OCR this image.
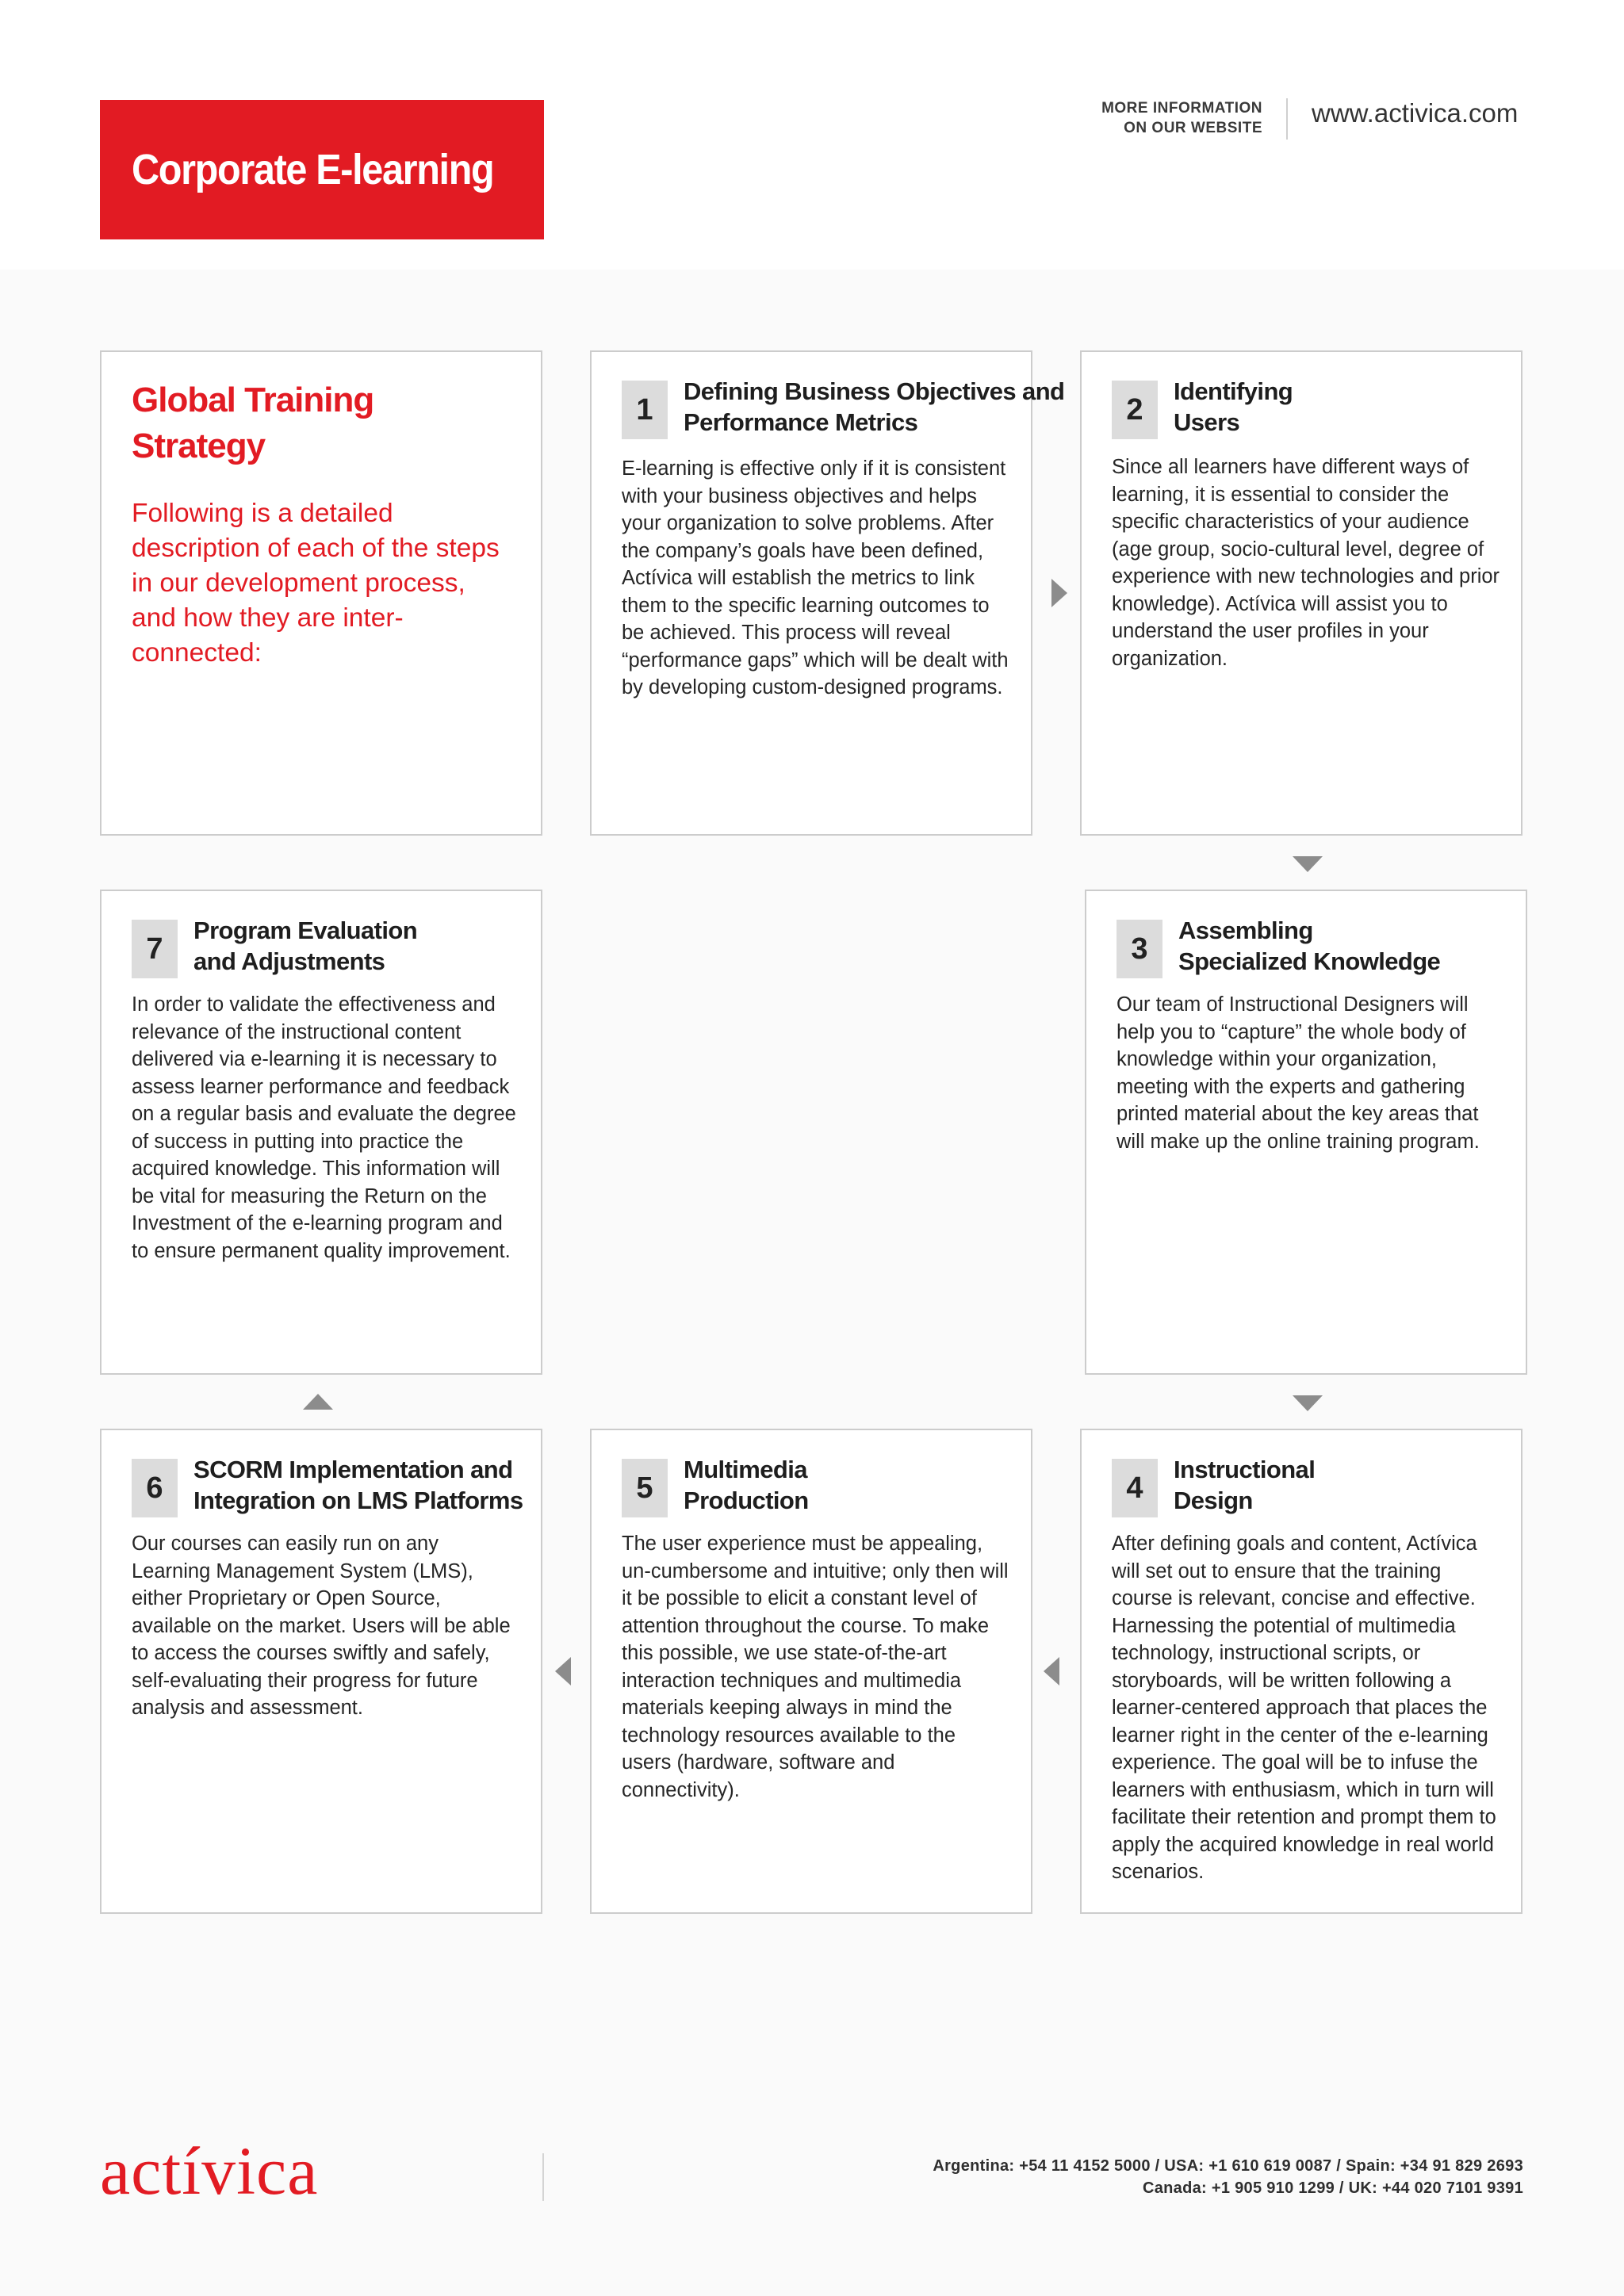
Corporate E-learning
MORE INFORMATION
ON OUR WEBSITE
www.activica.com
Global Training
Strategy
Following is a detailed
description of each of the steps
in our development process,
and how they are inter-
connected:
1
Defining Business Objectives and
Performance Metrics
E-learning is effective only if it is consistent with your business objectives and helps your organization to solve problems. After the company’s goals have been defined, Actívica will establish the metrics to link them to the specific learning outcomes to be achieved. This process will reveal “performance gaps” which will be dealt with by developing custom-designed programs.
2
Identifying
Users
Since all learners have different ways of learning, it is essential to consider the specific characteristics of your audience (age group, socio-cultural level, degree of experience with new technologies and prior knowledge). Actívica will assist you to understand the user profiles in your organization.
7
Program Evaluation
and Adjustments
In order to validate the effectiveness and relevance of the instructional content delivered via e-learning it is necessary to assess learner performance and feedback on a regular basis and evaluate the degree of success in putting into practice the acquired knowledge. This information will be vital for measuring the Return on the Investment of the e-learning program and to ensure permanent quality improvement.
3
Assembling
Specialized Knowledge
Our team of Instructional Designers will help you to “capture” the whole body of knowledge within your organization, meeting with the experts and gathering printed material about the key areas that will make up the online training program.
6
SCORM Implementation and
Integration on LMS Platforms
Our courses can easily run on any Learning Management System (LMS), either Proprietary or Open Source, available on the market. Users will be able to access the courses swiftly and safely, self-evaluating their progress for future analysis and assessment.
5
Multimedia
Production
The user experience must be appealing, un-cumbersome and intuitive; only then will it be possible to elicit a constant level of attention throughout the course. To make this possible, we use state-of-the-art interaction techniques and multimedia materials keeping always in mind the technology resources available to the users (hardware, software and connectivity).
4
Instructional
Design
After defining goals and content, Actívica will set out to ensure that the training course is relevant, concise and effective. Harnessing the potential of multimedia technology, instructional scripts, or storyboards, will be written following a learner-centered approach that places the learner right in the center of the e-learning experience. The goal will be to infuse the learners with enthusiasm, which in turn will facilitate their retention and prompt them to apply the acquired knowledge in real world scenarios.
actívica	Argentina: +54 11 4152 5000 / USA: +1 610 619 0087 / Spain: +34 91 829 2693
Canada: +1 905 910 1299 / UK: +44 020 7101 9391
